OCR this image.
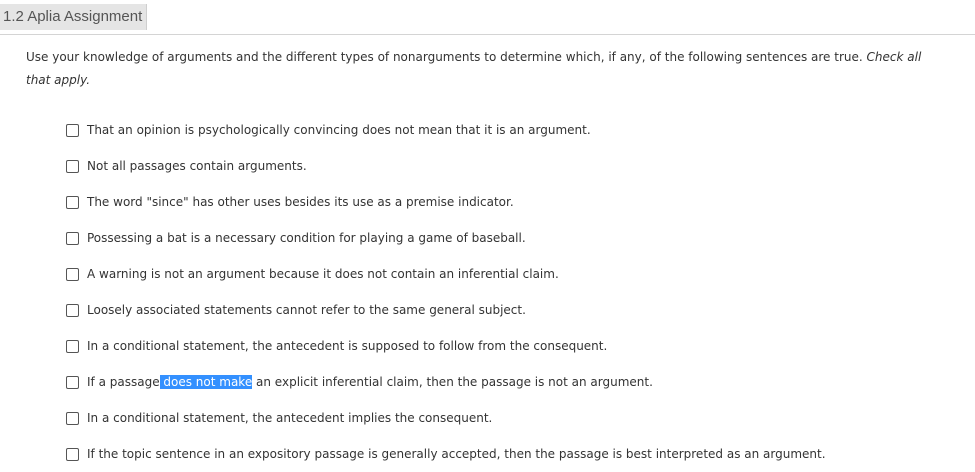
1.2 Aplia Assignment
Use your knowledge of arguments and the different types of nonarguments to determine which, if any, of the following sentences are true. Check all that apply.
That an opinion is psychologically convincing does not mean that it is an argument.
Not all passages contain arguments.
The word "since" has other uses besides its use as a premise indicator.
Possessing a bat is a necessary condition for playing a game of baseball.
A warning is not an argument because it does not contain an inferential claim.
Loosely associated statements cannot refer to the same general subject.
In a conditional statement, the antecedent is supposed to follow from the consequent.
If a passage does not make an explicit inferential claim, then the passage is not an argument.
In a conditional statement, the antecedent implies the consequent.
If the topic sentence in an expository passage is generally accepted, then the passage is best interpreted as an argument.
